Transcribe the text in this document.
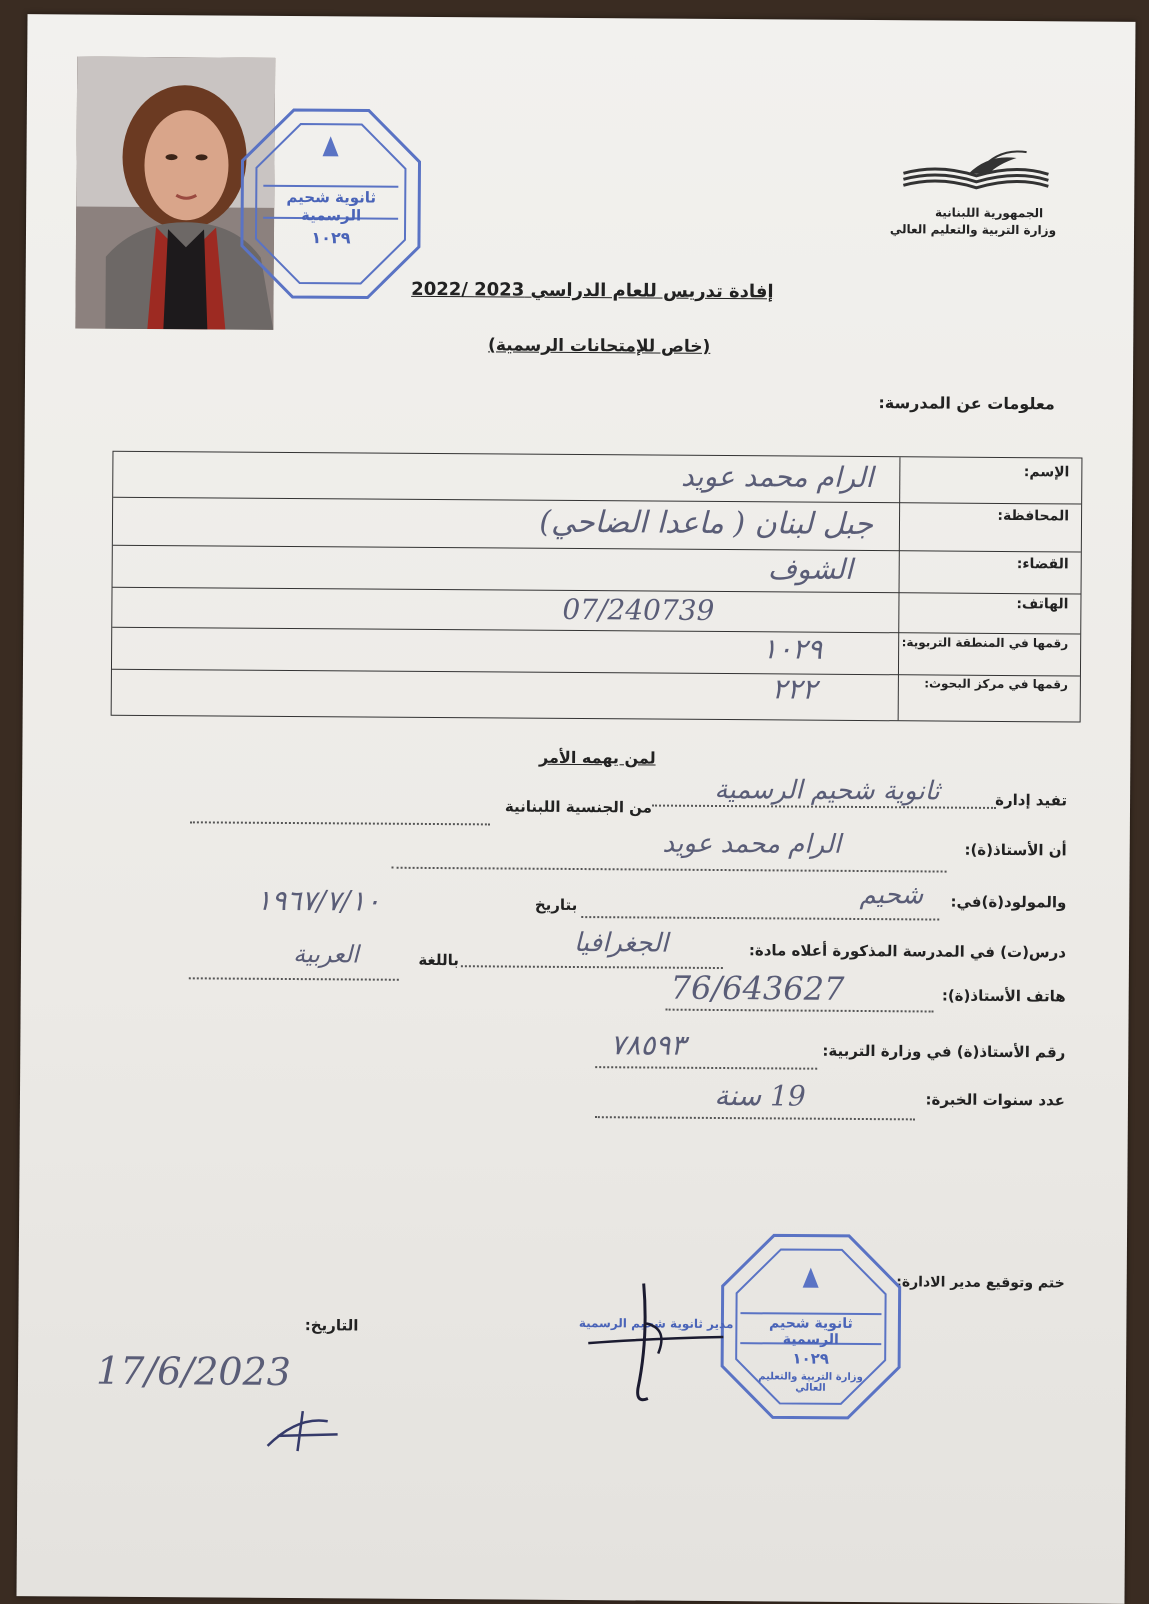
الجمهورية اللبنانية
وزارة التربية والتعليم العالي
ثانوية شحيم الرسمية
١٠٢٩
إفادة تدريس للعام الدراسي 2023 /2022
(خاص للإمتحانات الرسمية)
معلومات عن المدرسة:
الإسم:
المحافظة:
القضاء:
الهاتف:
رقمها في المنطقة التربوية:
رقمها في مركز البحوث:
الرام محمد عويد
جبل لبنان ( ماعدا الضاحي)
الشوف
07/240739
١٠٢٩
٢٢٢
لمن يهمه الأمر
تفيد إدارة
ثانوية شحيم الرسمية
من الجنسية اللبنانية
أن الأستاذ(ة):
الرام محمد عويد
والمولود(ة)في:
شحيم
بتاريخ
١٩٦٧/٧/١٠
درس(ت) في المدرسة المذكورة أعلاه مادة:
الجغرافيا
باللغة
العربية
هاتف الأستاذ(ة):
76/643627
رقم الأستاذ(ة) في وزارة التربية:
٧٨٥٩٣
عدد سنوات الخبرة:
19 سنة
ختم وتوقيع مدير الادارة:
ثانوية شحيم الرسمية
١٠٢٩
وزارة التربية والتعليم العالي
مدير ثانوية شحيم الرسمية
التاريخ:
17/6/2023
